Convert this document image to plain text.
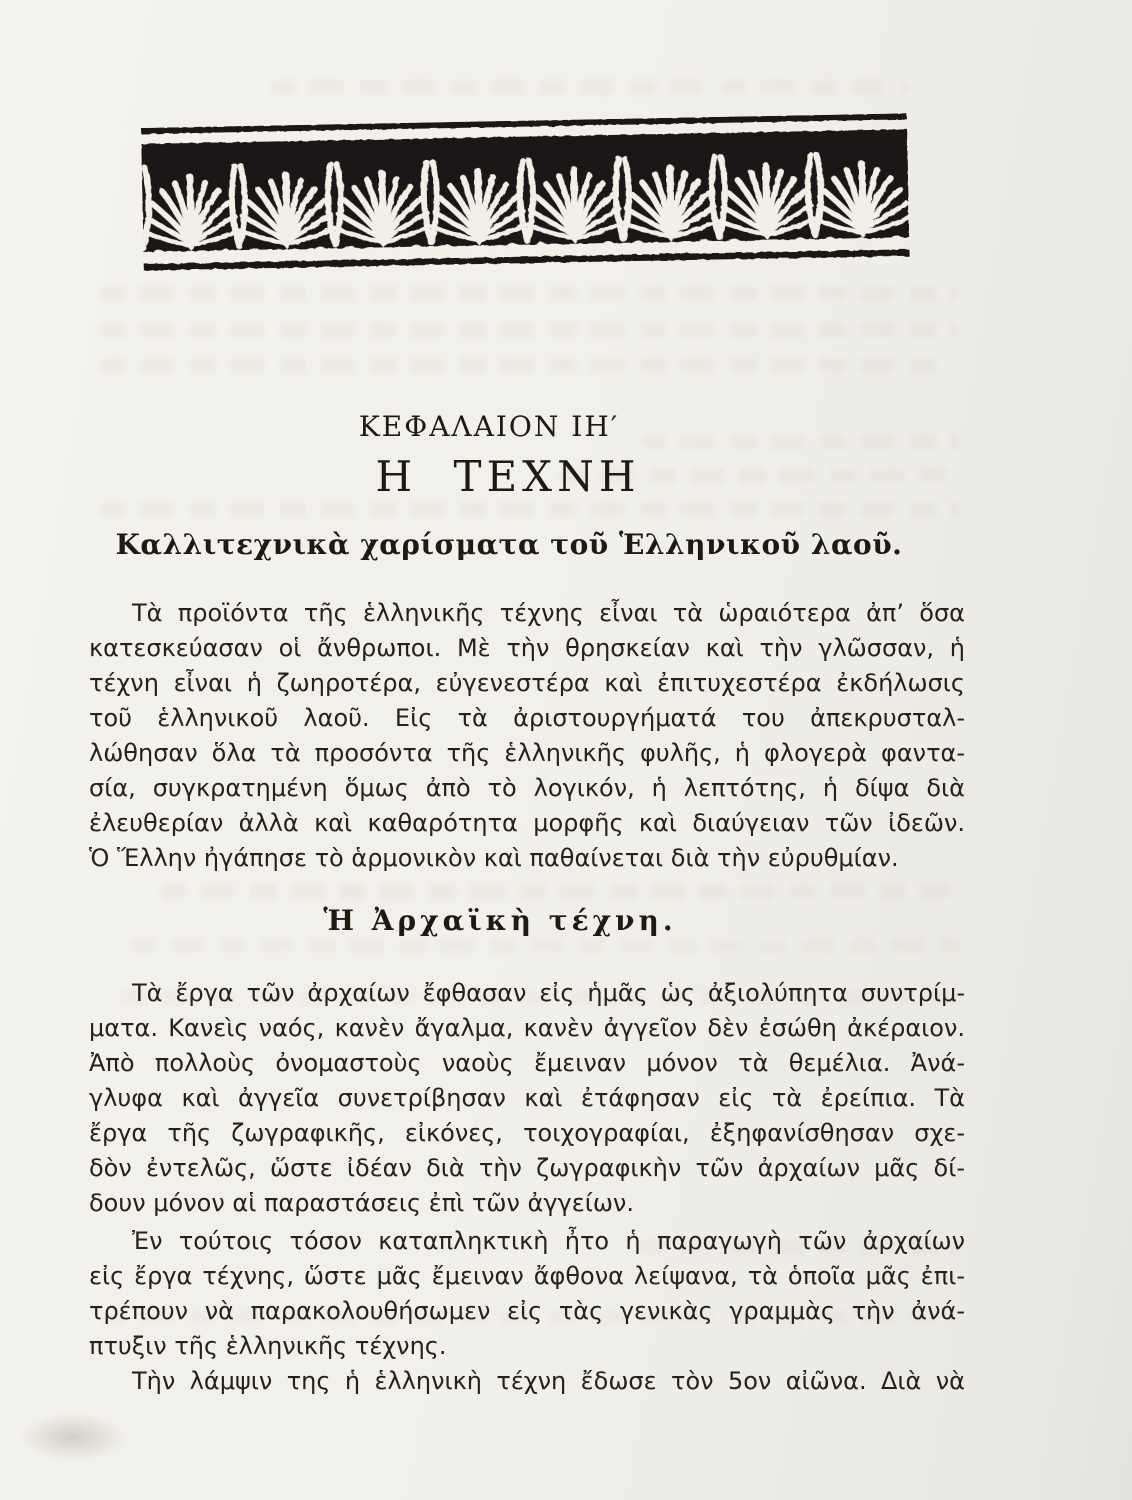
ΚΕΦΑΛΑΙΟΝ ΙΗ′
Η ΤΕΧΝΗ
Καλλιτεχνικὰ χαρίσματα τοῦ Ἑλληνικοῦ λαοῦ.
Τὰ προϊόντα τῆς ἑλληνικῆς τέχνης εἶναι τὰ ὡραιότερα ἀπ’ ὅσα
κατεσκεύασαν οἱ ἄνθρωποι. Μὲ τὴν θρησκείαν καὶ τὴν γλῶσσαν, ἡ
τέχνη εἶναι ἡ ζωηροτέρα, εὐγενεστέρα καὶ ἐπιτυχεστέρα ἐκδήλωσις
τοῦ ἑλληνικοῦ λαοῦ. Εἰς τὰ ἀριστουργήματά του ἀπεκρυσταλ-
λώθησαν ὅλα τὰ προσόντα τῆς ἑλληνικῆς φυλῆς, ἡ φλογερὰ φαντα-
σία, συγκρατημένη ὅμως ἀπὸ τὸ λογικόν, ἡ λεπτότης, ἡ δίψα διὰ
ἐλευθερίαν ἀλλὰ καὶ καθαρότητα μορφῆς καὶ διαύγειαν τῶν ἰδεῶν.
Ὁ Ἕλλην ἠγάπησε τὸ ἁρμονικὸν καὶ παθαίνεται διὰ τὴν εὐρυθμίαν.
Ἡ Ἀρχαϊκὴ τέχνη.
Τὰ ἔργα τῶν ἀρχαίων ἔφθασαν εἰς ἡμᾶς ὡς ἀξιολύπητα συντρίμ-
ματα. Κανεὶς ναός, κανὲν ἄγαλμα, κανὲν ἀγγεῖον δὲν ἐσώθη ἀκέραιον.
Ἀπὸ πολλοὺς ὀνομαστοὺς ναοὺς ἔμειναν μόνον τὰ θεμέλια. Ἀνά-
γλυφα καὶ ἀγγεῖα συνετρίβησαν καὶ ἐτάφησαν εἰς τὰ ἐρείπια. Τὰ
ἔργα τῆς ζωγραφικῆς, εἰκόνες, τοιχογραφίαι, ἐξηφανίσθησαν σχε-
δὸν ἐντελῶς, ὥστε ἰδέαν διὰ τὴν ζωγραφικὴν τῶν ἀρχαίων μᾶς δί-
δουν μόνον αἱ παραστάσεις ἐπὶ τῶν ἀγγείων.
Ἐν τούτοις τόσον καταπληκτικὴ ἦτο ἡ παραγωγὴ τῶν ἀρχαίων
εἰς ἔργα τέχνης, ὥστε μᾶς ἔμειναν ἄφθονα λείψανα, τὰ ὁποῖα μᾶς ἐπι-
τρέπουν νὰ παρακολουθήσωμεν εἰς τὰς γενικὰς γραμμὰς τὴν ἀνά-
πτυξιν τῆς ἑλληνικῆς τέχνης.
Τὴν λάμψιν της ἡ ἑλληνικὴ τέχνη ἔδωσε τὸν 5ον αἰῶνα. Διὰ νὰ
